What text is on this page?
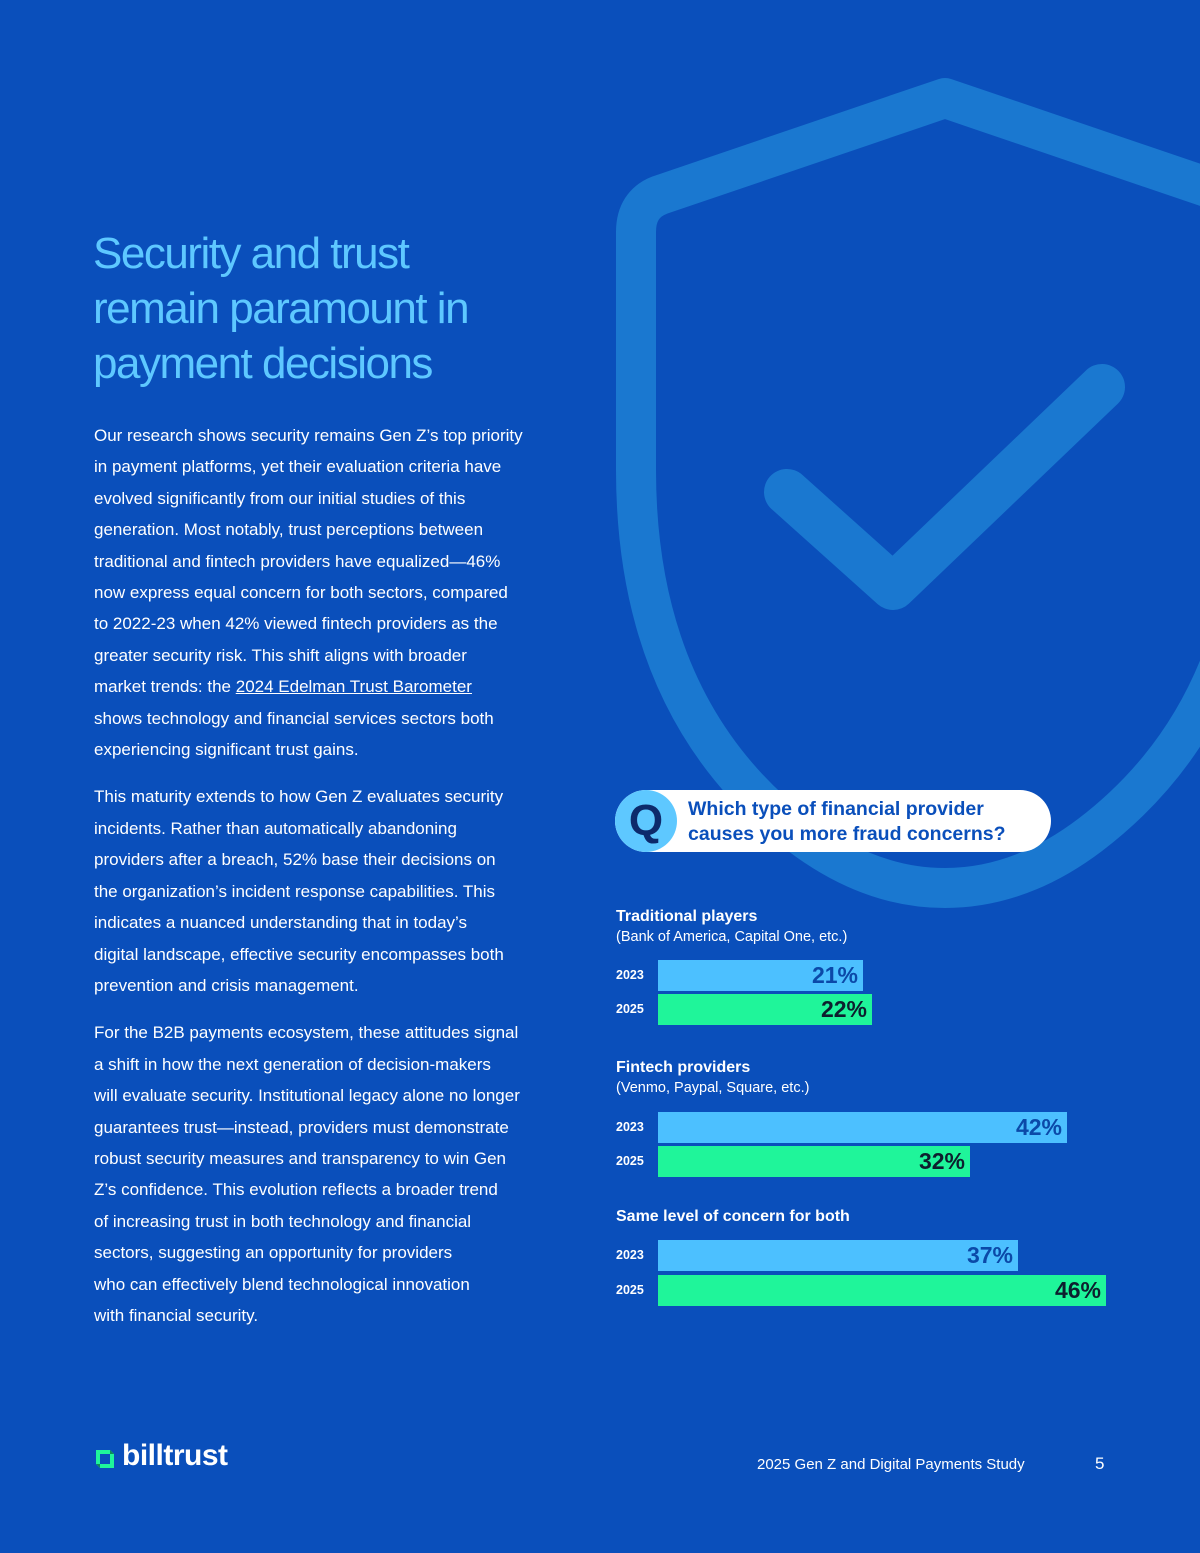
Security and trust
remain paramount in
payment decisions

Our research shows security remains Gen Z’s top priority
in payment platforms, yet their evaluation criteria have
evolved significantly from our initial studies of this
generation. Most notably, trust perceptions between
traditional and fintech providers have equalized—46%
now express equal concern for both sectors, compared
to 2022-23 when 42% viewed fintech providers as the
greater security risk. This shift aligns with broader
market trends: the 2024 Edelman Trust Barometer
shows technology and financial services sectors both
experiencing significant trust gains.

This maturity extends to how Gen Z evaluates security
incidents. Rather than automatically abandoning
providers after a breach, 52% base their decisions on
the organization’s incident response capabilities. This
indicates a nuanced understanding that in today’s
digital landscape, effective security encompasses both
prevention and crisis management.

For the B2B payments ecosystem, these attitudes signal
a shift in how the next generation of decision-makers
will evaluate security. Institutional legacy alone no longer
guarantees trust—instead, providers must demonstrate
robust security measures and transparency to win Gen
Z’s confidence. This evolution reflects a broader trend
of increasing trust in both technology and financial
sectors, suggesting an opportunity for providers
who can effectively blend technological innovation
with financial security.

Q	Which type of financial provider
causes you more fraud concerns?
Traditional players
(Bank of America, Capital One, etc.)
2023	21%
2025	22%
Fintech providers
(Venmo, Paypal, Square, etc.)
2023	42%
2025	32%
Same level of concern for both
2023	37%
2025	46%
billtrust	2025 Gen Z and Digital Payments Study	5
